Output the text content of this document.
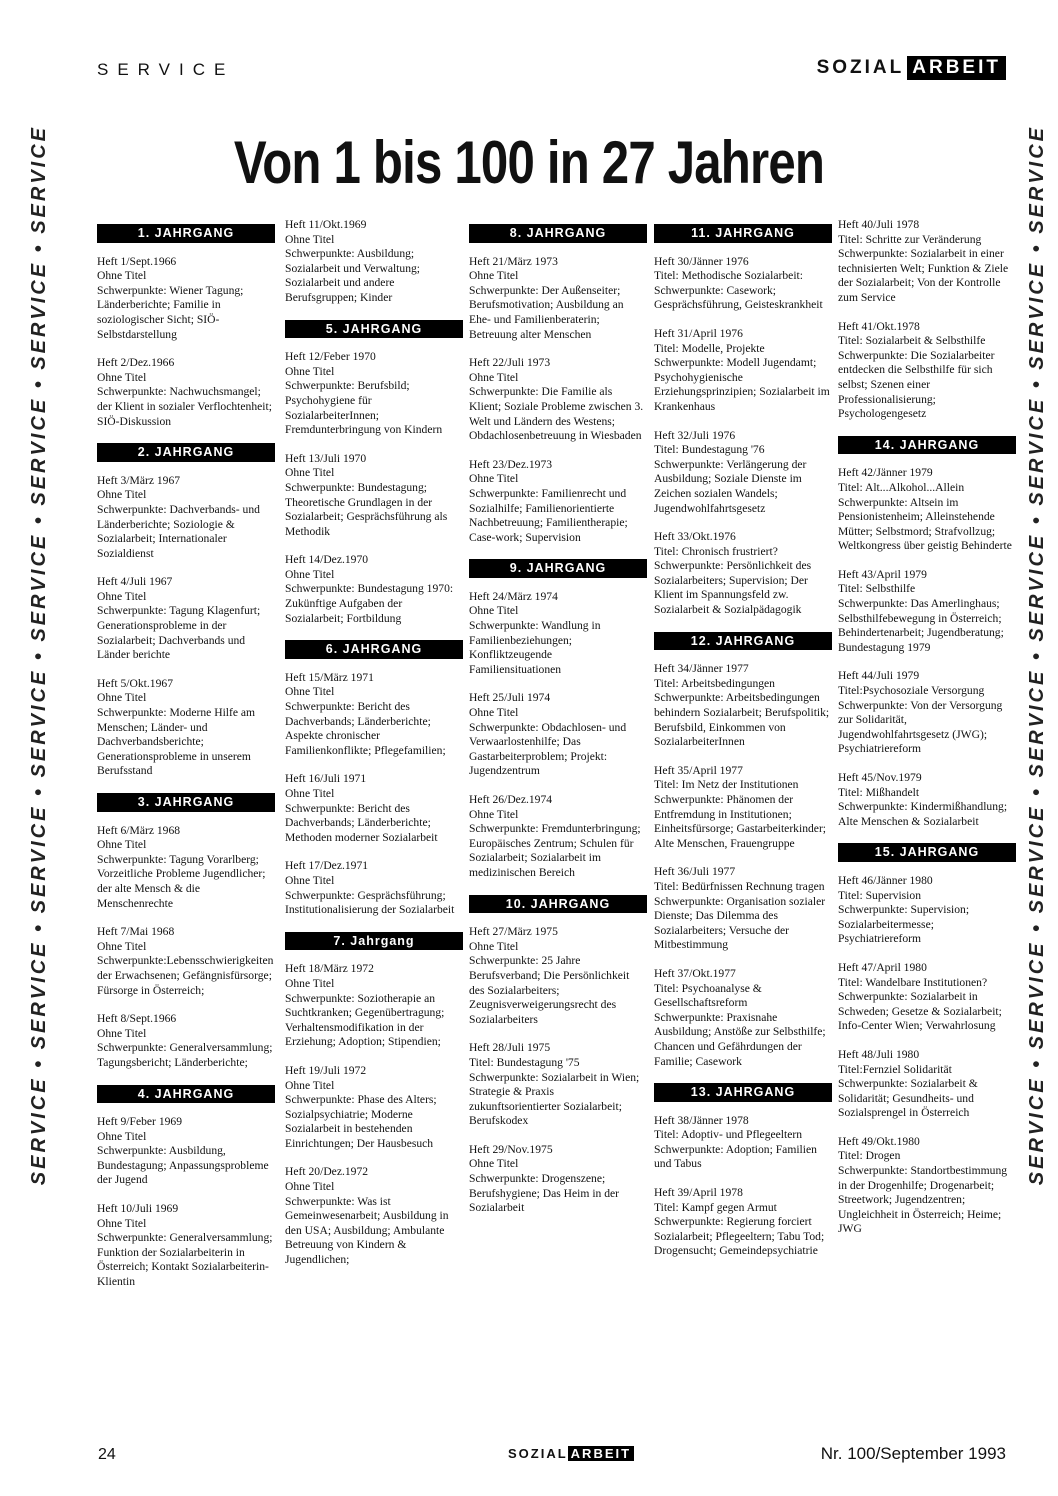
SERVICE	SOZIAL ARBEIT
Von 1 bis 100 in 27 Jahren
SERVICE • SERVICE • SERVICE • SERVICE • SERVICE • SERVICE • SERVICE • SERVICE	SERVICE • SERVICE • SERVICE • SERVICE • SERVICE • SERVICE • SERVICE • SERVICE
1. JAHRGANG
Heft 1/Sept.1966
Ohne Titel
Schwerpunkte: Wiener Tagung; Länderberichte; Familie in soziologischer Sicht; SIÖ-Selbstdarstellung
Heft 2/Dez.1966
Ohne Titel
Schwerpunkte: Nachwuchsmangel; der Klient in sozialer Verflochtenheit; SIÖ-Diskussion
2. JAHRGANG
Heft 3/März 1967
Ohne Titel
Schwerpunkte: Dachverbands- und Länderberichte; Soziologie & Sozialarbeit; Internationaler Sozialdienst
Heft 4/Juli 1967
Ohne Titel
Schwerpunkte: Tagung Klagenfurt; Generationsprobleme in der Sozialarbeit; Dachverbands und Länder berichte
Heft 5/Okt.1967
Ohne Titel
Schwerpunkte: Moderne Hilfe am Menschen; Länder- und Dachverbandsberichte; Generationsprobleme in unserem Berufsstand
3. JAHRGANG
Heft 6/März 1968
Ohne Titel
Schwerpunkte: Tagung Vorarlberg; Vorzeitliche Probleme Jugendlicher; der alte Mensch & die Menschenrechte
Heft 7/Mai 1968
Ohne Titel
Schwerpunkte:Lebensschwierigkeiten der Erwachsenen; Gefängnisfürsorge; Fürsorge in Österreich;
Heft 8/Sept.1966
Ohne Titel
Schwerpunkte: Generalversammlung; Tagungsbericht; Länderberichte;
4. JAHRGANG
Heft 9/Feber 1969
Ohne Titel
Schwerpunkte: Ausbildung, Bundestagung; Anpassungsprobleme der Jugend
Heft 10/Juli 1969
Ohne Titel
Schwerpunkte: Generalversammlung; Funktion der Sozialarbeiterin in Österreich; Kontakt Sozialarbeiterin-Klientin
Heft 11/Okt.1969
Ohne Titel
Schwerpunkte: Ausbildung; Sozialarbeit und Verwaltung; Sozialarbeit und andere Berufsgruppen; Kinder
5. JAHRGANG
Heft 12/Feber 1970
Ohne Titel
Schwerpunkte: Berufsbild; Psychohygiene für SozialarbeiterInnen; Fremdunterbringung von Kindern
Heft 13/Juli 1970
Ohne Titel
Schwerpunkte: Bundestagung; Theoretische Grundlagen in der Sozialarbeit; Gesprächsführung als Methodik
Heft 14/Dez.1970
Ohne Titel
Schwerpunkte: Bundestagung 1970: Zukünftige Aufgaben der Sozialarbeit; Fortbildung
6. JAHRGANG
Heft 15/März 1971
Ohne Titel
Schwerpunkte: Bericht des Dachverbands; Länderberichte; Aspekte chronischer Familienkonflikte; Pflegefamilien;
Heft 16/Juli 1971
Ohne Titel
Schwerpunkte: Bericht des Dachverbands; Länderberichte; Methoden moderner Sozialarbeit
Heft 17/Dez.1971
Ohne Titel
Schwerpunkte: Gesprächsführung; Institutionalisierung der Sozialarbeit
7. Jahrgang
Heft 18/März 1972
Ohne Titel
Schwerpunkte: Soziotherapie an Suchtkranken; Gegenübertragung; Verhaltensmodifikation in der Erziehung; Adoption; Stipendien;
Heft 19/Juli 1972
Ohne Titel
Schwerpunkte: Phase des Alters; Sozialpsychiatrie; Moderne Sozialarbeit in bestehenden Einrichtungen; Der Hausbesuch
Heft 20/Dez.1972
Ohne Titel
Schwerpunkte: Was ist Gemeinwesenarbeit; Ausbildung in den USA; Ausbildung; Ambulante Betreuung von Kindern & Jugendlichen;
8. JAHRGANG
Heft 21/März 1973
Ohne Titel
Schwerpunkte: Der Außenseiter; Berufsmotivation; Ausbildung an Ehe- und Familienberaterin; Betreuung alter Menschen
Heft 22/Juli 1973
Ohne Titel
Schwerpunkte: Die Familie als Klient; Soziale Probleme zwischen 3. Welt und Ländern des Westens; Obdachlosenbetreuung in Wiesbaden
Heft 23/Dez.1973
Ohne Titel
Schwerpunkte: Familienrecht und Sozialhilfe; Familienorientierte Nachbetreuung; Familientherapie; Case-work; Supervision
9. JAHRGANG
Heft 24/März 1974
Ohne Titel
Schwerpunkte: Wandlung in Familienbeziehungen; Konfliktzeugende Familiensituationen
Heft 25/Juli 1974
Ohne Titel
Schwerpunkte: Obdachlosen- und Verwaarlostenhilfe; Das Gastarbeiterproblem; Projekt: Jugendzentrum
Heft 26/Dez.1974
Ohne Titel
Schwerpunkte: Fremdunterbringung; Europäisches Zentrum; Schulen für Sozialarbeit; Sozialarbeit im medizinischen Bereich
10. JAHRGANG
Heft 27/März 1975
Ohne Titel
Schwerpunkte: 25 Jahre Berufsverband; Die Persönlichkeit des Sozialarbeiters; Zeugnisverweigerungsrecht des Sozialarbeiters
Heft 28/Juli 1975
Titel: Bundestagung '75
Schwerpunkte: Sozialarbeit in Wien; Strategie & Praxis zukunftsorientierter Sozialarbeit; Berufskodex
Heft 29/Nov.1975
Ohne Titel
Schwerpunkte: Drogenszene; Berufshygiene; Das Heim in der Sozialarbeit
11. JAHRGANG
Heft 30/Jänner 1976
Titel: Methodische Sozialarbeit:
Schwerpunkte: Casework; Gesprächsführung, Geisteskrankheit
Heft 31/April 1976
Titel: Modelle, Projekte
Schwerpunkte: Modell Jugendamt; Psychohygienische Erziehungsprinzipien; Sozialarbeit im Krankenhaus
Heft 32/Juli 1976
Titel: Bundestagung '76
Schwerpunkte: Verlängerung der Ausbildung; Soziale Dienste im Zeichen sozialen Wandels; Jugendwohlfahrtsgesetz
Heft 33/Okt.1976
Titel: Chronisch frustriert?
Schwerpunkte: Persönlichkeit des Sozialarbeiters; Supervision; Der Klient im Spannungsfeld zw. Sozialarbeit & Sozialpädagogik
12. JAHRGANG
Heft 34/Jänner 1977
Titel: Arbeitsbedingungen
Schwerpunkte: Arbeitsbedingungen behindern Sozialarbeit; Berufspolitik; Berufsbild, Einkommen von SozialarbeiterInnen
Heft 35/April 1977
Titel: Im Netz der Institutionen
Schwerpunkte: Phänomen der Entfremdung in Institutionen; Einheitsfürsorge; Gastarbeiterkinder; Alte Menschen, Frauengruppe
Heft 36/Juli 1977
Titel: Bedürfnissen Rechnung tragen
Schwerpunkte: Organisation sozialer Dienste; Das Dilemma des Sozialarbeiters; Versuche der Mitbestimmung
Heft 37/Okt.1977
Titel: Psychoanalyse & Gesellschaftsreform
Schwerpunkte: Praxisnahe Ausbildung; Anstöße zur Selbsthilfe; Chancen und Gefährdungen der Familie; Casework
13. JAHRGANG
Heft 38/Jänner 1978
Titel: Adoptiv- und Pflegeeltern
Schwerpunkte: Adoption; Familien und Tabus
Heft 39/April 1978
Titel: Kampf gegen Armut
Schwerpunkte: Regierung forciert Sozialarbeit; Pflegeeltern; Tabu Tod; Drogensucht; Gemeindepsychiatrie
Heft 40/Juli 1978
Titel: Schritte zur Veränderung
Schwerpunkte: Sozialarbeit in einer technisierten Welt; Funktion & Ziele der Sozialarbeit; Von der Kontrolle zum Service
Heft 41/Okt.1978
Titel: Sozialarbeit & Selbsthilfe
Schwerpunkte: Die Sozialarbeiter entdecken die Selbsthilfe für sich selbst; Szenen einer Professionalisierung; Psychologengesetz
14. JAHRGANG
Heft 42/Jänner 1979
Titel: Alt...Alkohol...Allein
Schwerpunkte: Altsein im Pensionistenheim; Alleinstehende Mütter; Selbstmord; Strafvollzug; Weltkongress über geistig Behinderte
Heft 43/April 1979
Titel: Selbsthilfe
Schwerpunkte: Das Amerlinghaus; Selbsthilfebewegung in Österreich; Behindertenarbeit; Jugendberatung; Bundestagung 1979
Heft 44/Juli 1979
Titel:Psychosoziale Versorgung
Schwerpunkte: Von der Versorgung zur Solidarität, Jugendwohlfahrtsgesetz (JWG); Psychiatriereform
Heft 45/Nov.1979
Titel: Mißhandelt
Schwerpunkte: Kindermißhandlung; Alte Menschen & Sozialarbeit
15. JAHRGANG
Heft 46/Jänner 1980
Titel: Supervision
Schwerpunkte: Supervision; Sozialarbeitermesse; Psychiatriereform
Heft 47/April 1980
Titel: Wandelbare Institutionen?
Schwerpunkte: Sozialarbeit in Schweden; Gesetze & Sozialarbeit; Info-Center Wien; Verwahrlosung
Heft 48/Juli 1980
Titel:Fernziel Solidarität
Schwerpunkte: Sozialarbeit & Solidarität; Gesundheits- und Sozialsprengel in Österreich
Heft 49/Okt.1980
Titel: Drogen
Schwerpunkte: Standortbestimmung in der Drogenhilfe; Drogenarbeit; Streetwork; Jugendzentren; Ungleichheit in Österreich; Heime; JWG
24	SOZIAL ARBEIT	Nr. 100/September 1993
